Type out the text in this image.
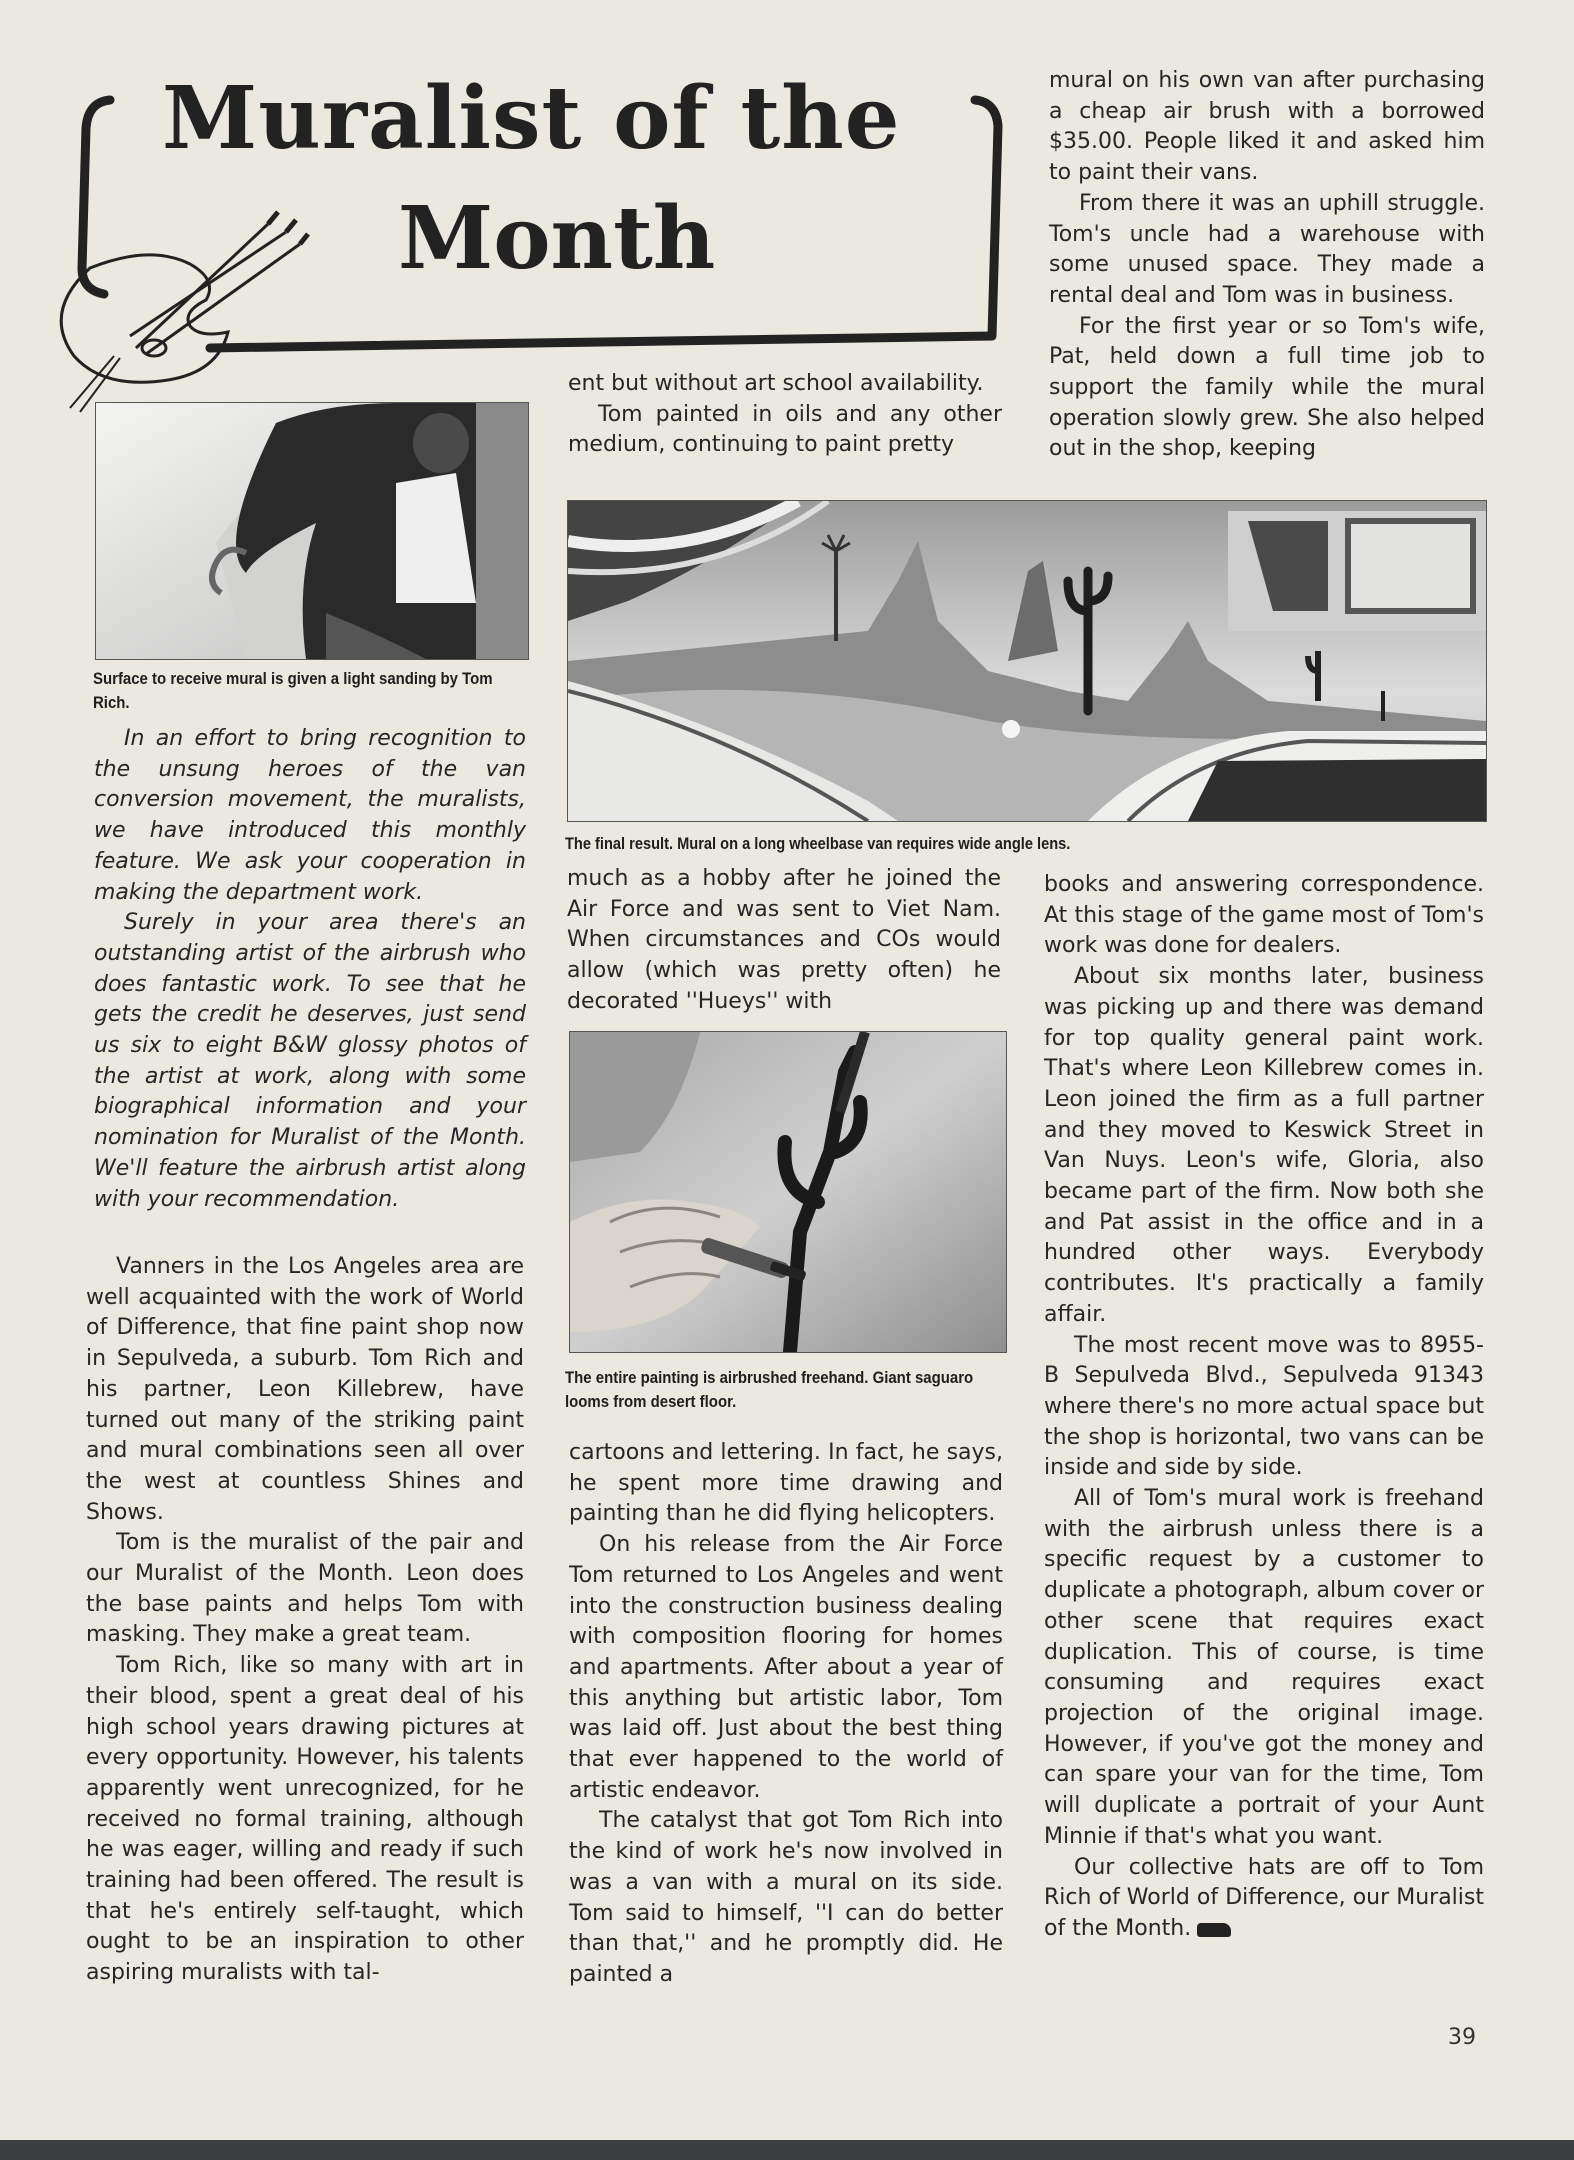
Muralist of the
Month
Surface to receive mural is given a light sanding by Tom Rich.
The final result. Mural on a long wheelbase van requires wide angle lens.
The entire painting is airbrushed freehand. Giant saguaro looms from desert floor.

In an effort to bring recognition to the unsung heroes of the van conversion movement, the muralists, we have introduced this monthly feature. We ask your cooperation in making the department work.

Surely in your area there's an outstanding artist of the airbrush who does fantastic work. To see that he gets the credit he deserves, just send us six to eight B&W glossy photos of the artist at work, along with some biographical information and your nomination for Muralist of the Month. We'll feature the airbrush artist along with your recommendation.

Vanners in the Los Angeles area are well acquainted with the work of World of Difference, that fine paint shop now in Sepulveda, a suburb. Tom Rich and his partner, Leon Killebrew, have turned out many of the striking paint and mural combinations seen all over the west at countless Shines and Shows.

Tom is the muralist of the pair and our Muralist of the Month. Leon does the base paints and helps Tom with masking. They make a great team.

Tom Rich, like so many with art in their blood, spent a great deal of his high school years drawing pictures at every opportunity. However, his talents apparently went unrecognized, for he received no formal training, although he was eager, willing and ready if such training had been offered. The result is that he's entirely self-taught, which ought to be an inspiration to other aspiring muralists with tal-

ent but without art school availability.

Tom painted in oils and any other medium, continuing to paint pretty

much as a hobby after he joined the Air Force and was sent to Viet Nam. When circumstances and COs would allow (which was pretty often) he decorated ''Hueys'' with

cartoons and lettering. In fact, he says, he spent more time drawing and painting than he did flying helicopters.

On his release from the Air Force Tom returned to Los Angeles and went into the construction business dealing with composition flooring for homes and apartments. After about a year of this anything but artistic labor, Tom was laid off. Just about the best thing that ever happened to the world of artistic endeavor.

The catalyst that got Tom Rich into the kind of work he's now involved in was a van with a mural on its side. Tom said to himself, ''I can do better than that,'' and he promptly did. He painted a

mural on his own van after purchasing a cheap air brush with a borrowed $35.00. People liked it and asked him to paint their vans.

From there it was an uphill struggle. Tom's uncle had a warehouse with some unused space. They made a rental deal and Tom was in business.

For the first year or so Tom's wife, Pat, held down a full time job to support the family while the mural operation slowly grew. She also helped out in the shop, keeping

books and answering correspondence. At this stage of the game most of Tom's work was done for dealers.

About six months later, business was picking up and there was demand for top quality general paint work. That's where Leon Killebrew comes in. Leon joined the firm as a full partner and they moved to Keswick Street in Van Nuys. Leon's wife, Gloria, also became part of the firm. Now both she and Pat assist in the office and in a hundred other ways. Everybody contributes. It's practically a family affair.

The most recent move was to 8955-B Sepulveda Blvd., Sepulveda 91343 where there's no more actual space but the shop is horizontal, two vans can be inside and side by side.

All of Tom's mural work is freehand with the airbrush unless there is a specific request by a customer to duplicate a photograph, album cover or other scene that requires exact duplication. This of course, is time consuming and requires exact projection of the original image. However, if you've got the money and can spare your van for the time, Tom will duplicate a portrait of your Aunt Minnie if that's what you want.

Our collective hats are off to Tom Rich of World of Difference, our Muralist of the Month.

39
